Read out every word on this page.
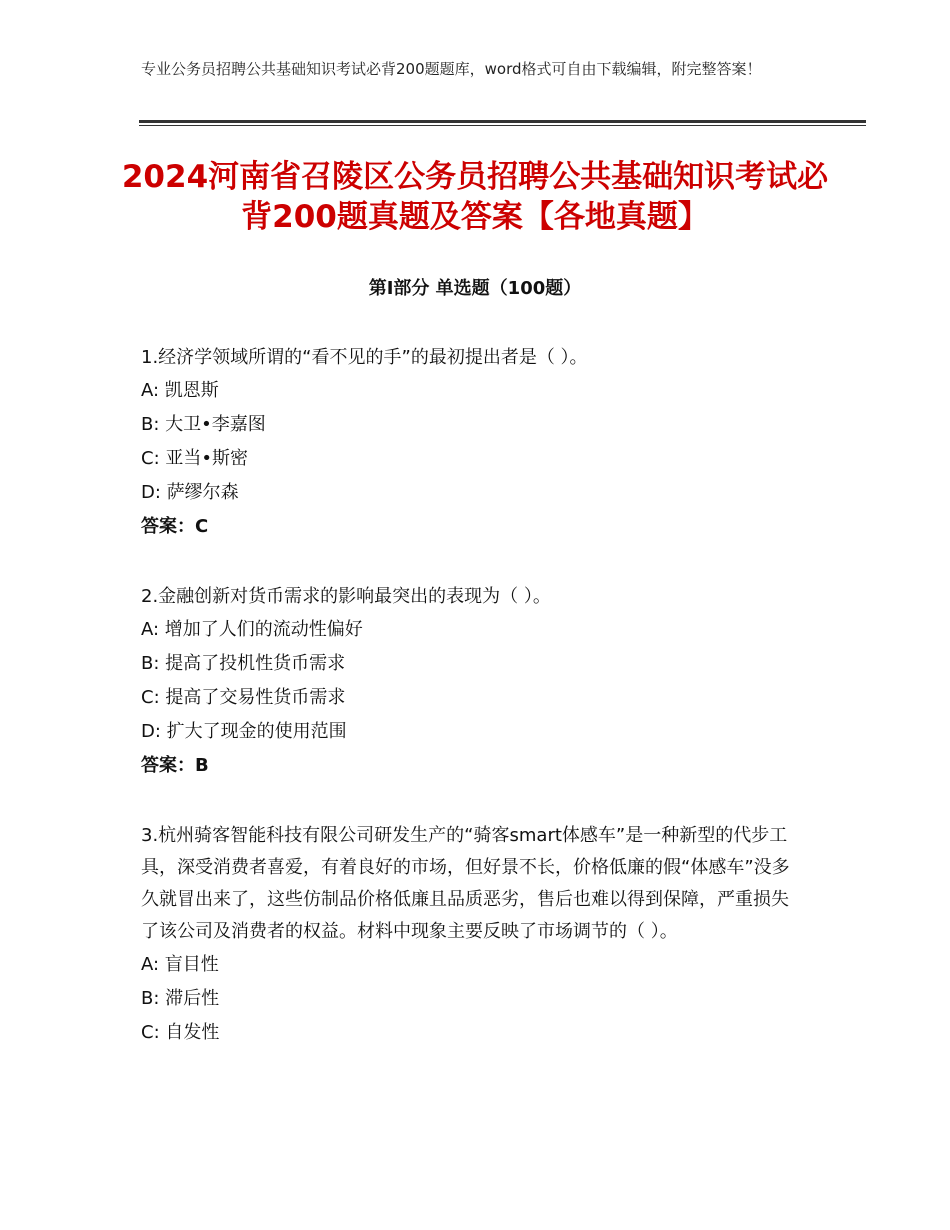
专业公务员招聘公共基础知识考试必背200题题库，word格式可自由下载编辑，附完整答案！
2024河南省召陵区公务员招聘公共基础知识考试必背200题真题及答案【各地真题】
第Ⅰ部分 单选题（100题）

1.经济学领域所谓的“看不见的手”的最初提出者是（ ）。

A: 凯恩斯

B: 大卫•李嘉图

C: 亚当•斯密

D: 萨缪尔森

答案：C

2.金融创新对货币需求的影响最突出的表现为（ ）。

A: 增加了人们的流动性偏好

B: 提高了投机性货币需求

C: 提高了交易性货币需求

D: 扩大了现金的使用范围

答案：B

3.杭州骑客智能科技有限公司研发生产的“骑客smart体感车”是一种新型的代步工具，深受消费者喜爱，有着良好的市场，但好景不长，价格低廉的假“体感车”没多久就冒出来了，这些仿制品价格低廉且品质恶劣，售后也难以得到保障，严重损失了该公司及消费者的权益。材料中现象主要反映了市场调节的（ ）。

A: 盲目性

B: 滞后性

C: 自发性
